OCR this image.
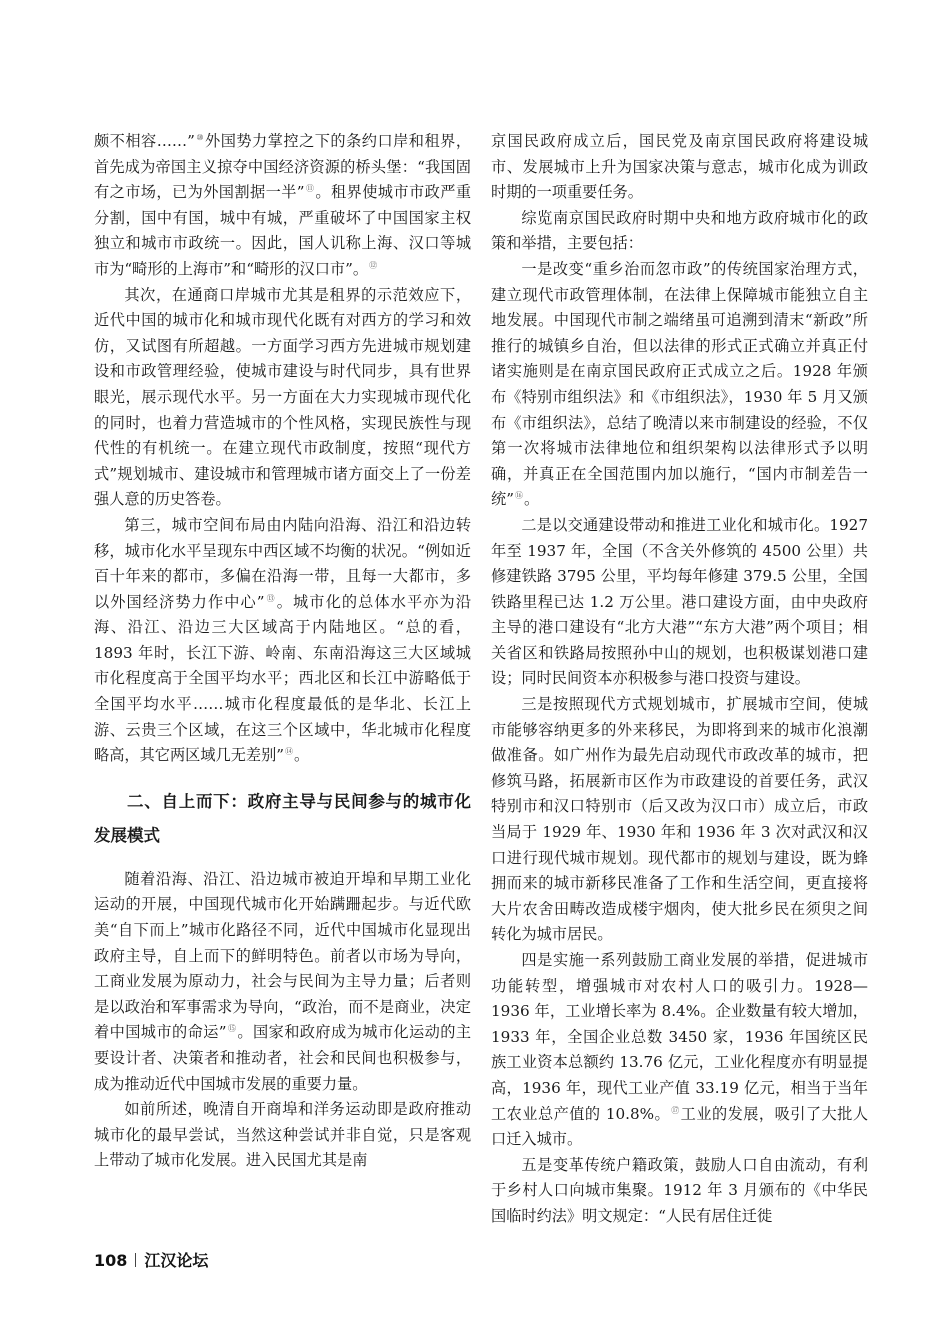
颇不相容……”⑩外国势力掌控之下的条约口岸和租界，首先成为帝国主义掠夺中国经济资源的桥头堡：“我国固有之市场，已为外国割据一半”⑪。租界使城市市政严重分割，国中有国，城中有城，严重破坏了中国国家主权独立和城市市政统一。因此，国人讥称上海、汉口等城市为“畸形的上海市”和“畸形的汉口市”。⑫

其次，在通商口岸城市尤其是租界的示范效应下，近代中国的城市化和城市现代化既有对西方的学习和效仿，又试图有所超越。一方面学习西方先进城市规划建设和市政管理经验，使城市建设与时代同步，具有世界眼光，展示现代水平。另一方面在大力实现城市现代化的同时，也着力营造城市的个性风格，实现民族性与现代性的有机统一。在建立现代市政制度，按照“现代方式”规划城市、建设城市和管理城市诸方面交上了一份差强人意的历史答卷。

第三，城市空间布局由内陆向沿海、沿江和沿边转移，城市化水平呈现东中西区域不均衡的状况。“例如近百十年来的都市，多偏在沿海一带，且每一大都市，多以外国经济势力作中心”⑬。城市化的总体水平亦为沿海、沿江、沿边三大区域高于内陆地区。“总的看，1893 年时，长江下游、岭南、东南沿海这三大区域城市化程度高于全国平均水平；西北区和长江中游略低于全国平均水平……城市化程度最低的是华北、长江上游、云贵三个区域，在这三个区域中，华北城市化程度略高，其它两区域几无差别”⑭。

二、自上而下：政府主导与民间参与的城市化发展模式

随着沿海、沿江、沿边城市被迫开埠和早期工业化运动的开展，中国现代城市化开始蹒跚起步。与近代欧美“自下而上”城市化路径不同，近代中国城市化显现出政府主导，自上而下的鲜明特色。前者以市场为导向，工商业发展为原动力，社会与民间为主导力量；后者则是以政治和军事需求为导向，“政治，而不是商业，决定着中国城市的命运”⑮。国家和政府成为城市化运动的主要设计者、决策者和推动者，社会和民间也积极参与，成为推动近代中国城市发展的重要力量。

如前所述，晚清自开商埠和洋务运动即是政府推动城市化的最早尝试，当然这种尝试并非自觉，只是客观上带动了城市化发展。进入民国尤其是南

京国民政府成立后，国民党及南京国民政府将建设城市、发展城市上升为国家决策与意志，城市化成为训政时期的一项重要任务。

综览南京国民政府时期中央和地方政府城市化的政策和举措，主要包括：

一是改变“重乡治而忽市政”的传统国家治理方式，建立现代市政管理体制，在法律上保障城市能独立自主地发展。中国现代市制之端绪虽可追溯到清末“新政”所推行的城镇乡自治，但以法律的形式正式确立并真正付诸实施则是在南京国民政府正式成立之后。1928 年颁布《特别市组织法》和《市组织法》，1930 年 5 月又颁布《市组织法》，总结了晚清以来市制建设的经验，不仅第一次将城市法律地位和组织架构以法律形式予以明确，并真正在全国范围内加以施行，“国内市制差告一统”⑯。

二是以交通建设带动和推进工业化和城市化。1927 年至 1937 年，全国（不含关外修筑的 4500 公里）共修建铁路 3795 公里，平均每年修建 379.5 公里，全国铁路里程已达 1.2 万公里。港口建设方面，由中央政府主导的港口建设有“北方大港”“东方大港”两个项目；相关省区和铁路局按照孙中山的规划，也积极谋划港口建设；同时民间资本亦积极参与港口投资与建设。

三是按照现代方式规划城市，扩展城市空间，使城市能够容纳更多的外来移民，为即将到来的城市化浪潮做准备。如广州作为最先启动现代市政改革的城市，把修筑马路，拓展新市区作为市政建设的首要任务，武汉特别市和汉口特别市（后又改为汉口市）成立后，市政当局于 1929 年、1930 年和 1936 年 3 次对武汉和汉口进行现代城市规划。现代都市的规划与建设，既为蜂拥而来的城市新移民准备了工作和生活空间，更直接将大片农舍田畴改造成楼宇烟肉，使大批乡民在须臾之间转化为城市居民。

四是实施一系列鼓励工商业发展的举措，促进城市功能转型，增强城市对农村人口的吸引力。1928—1936 年，工业增长率为 8.4%。企业数量有较大增加，1933 年，全国企业总数 3450 家，1936 年国统区民族工业资本总额约 13.76 亿元，工业化程度亦有明显提高，1936 年，现代工业产值 33.19 亿元，相当于当年工农业总产值的 10.8%。⑰工业的发展，吸引了大批人口迁入城市。

五是变革传统户籍政策，鼓励人口自由流动，有利于乡村人口向城市集聚。1912 年 3 月颁布的《中华民国临时约法》明文规定：“人民有居住迁徙

108 江汉论坛
